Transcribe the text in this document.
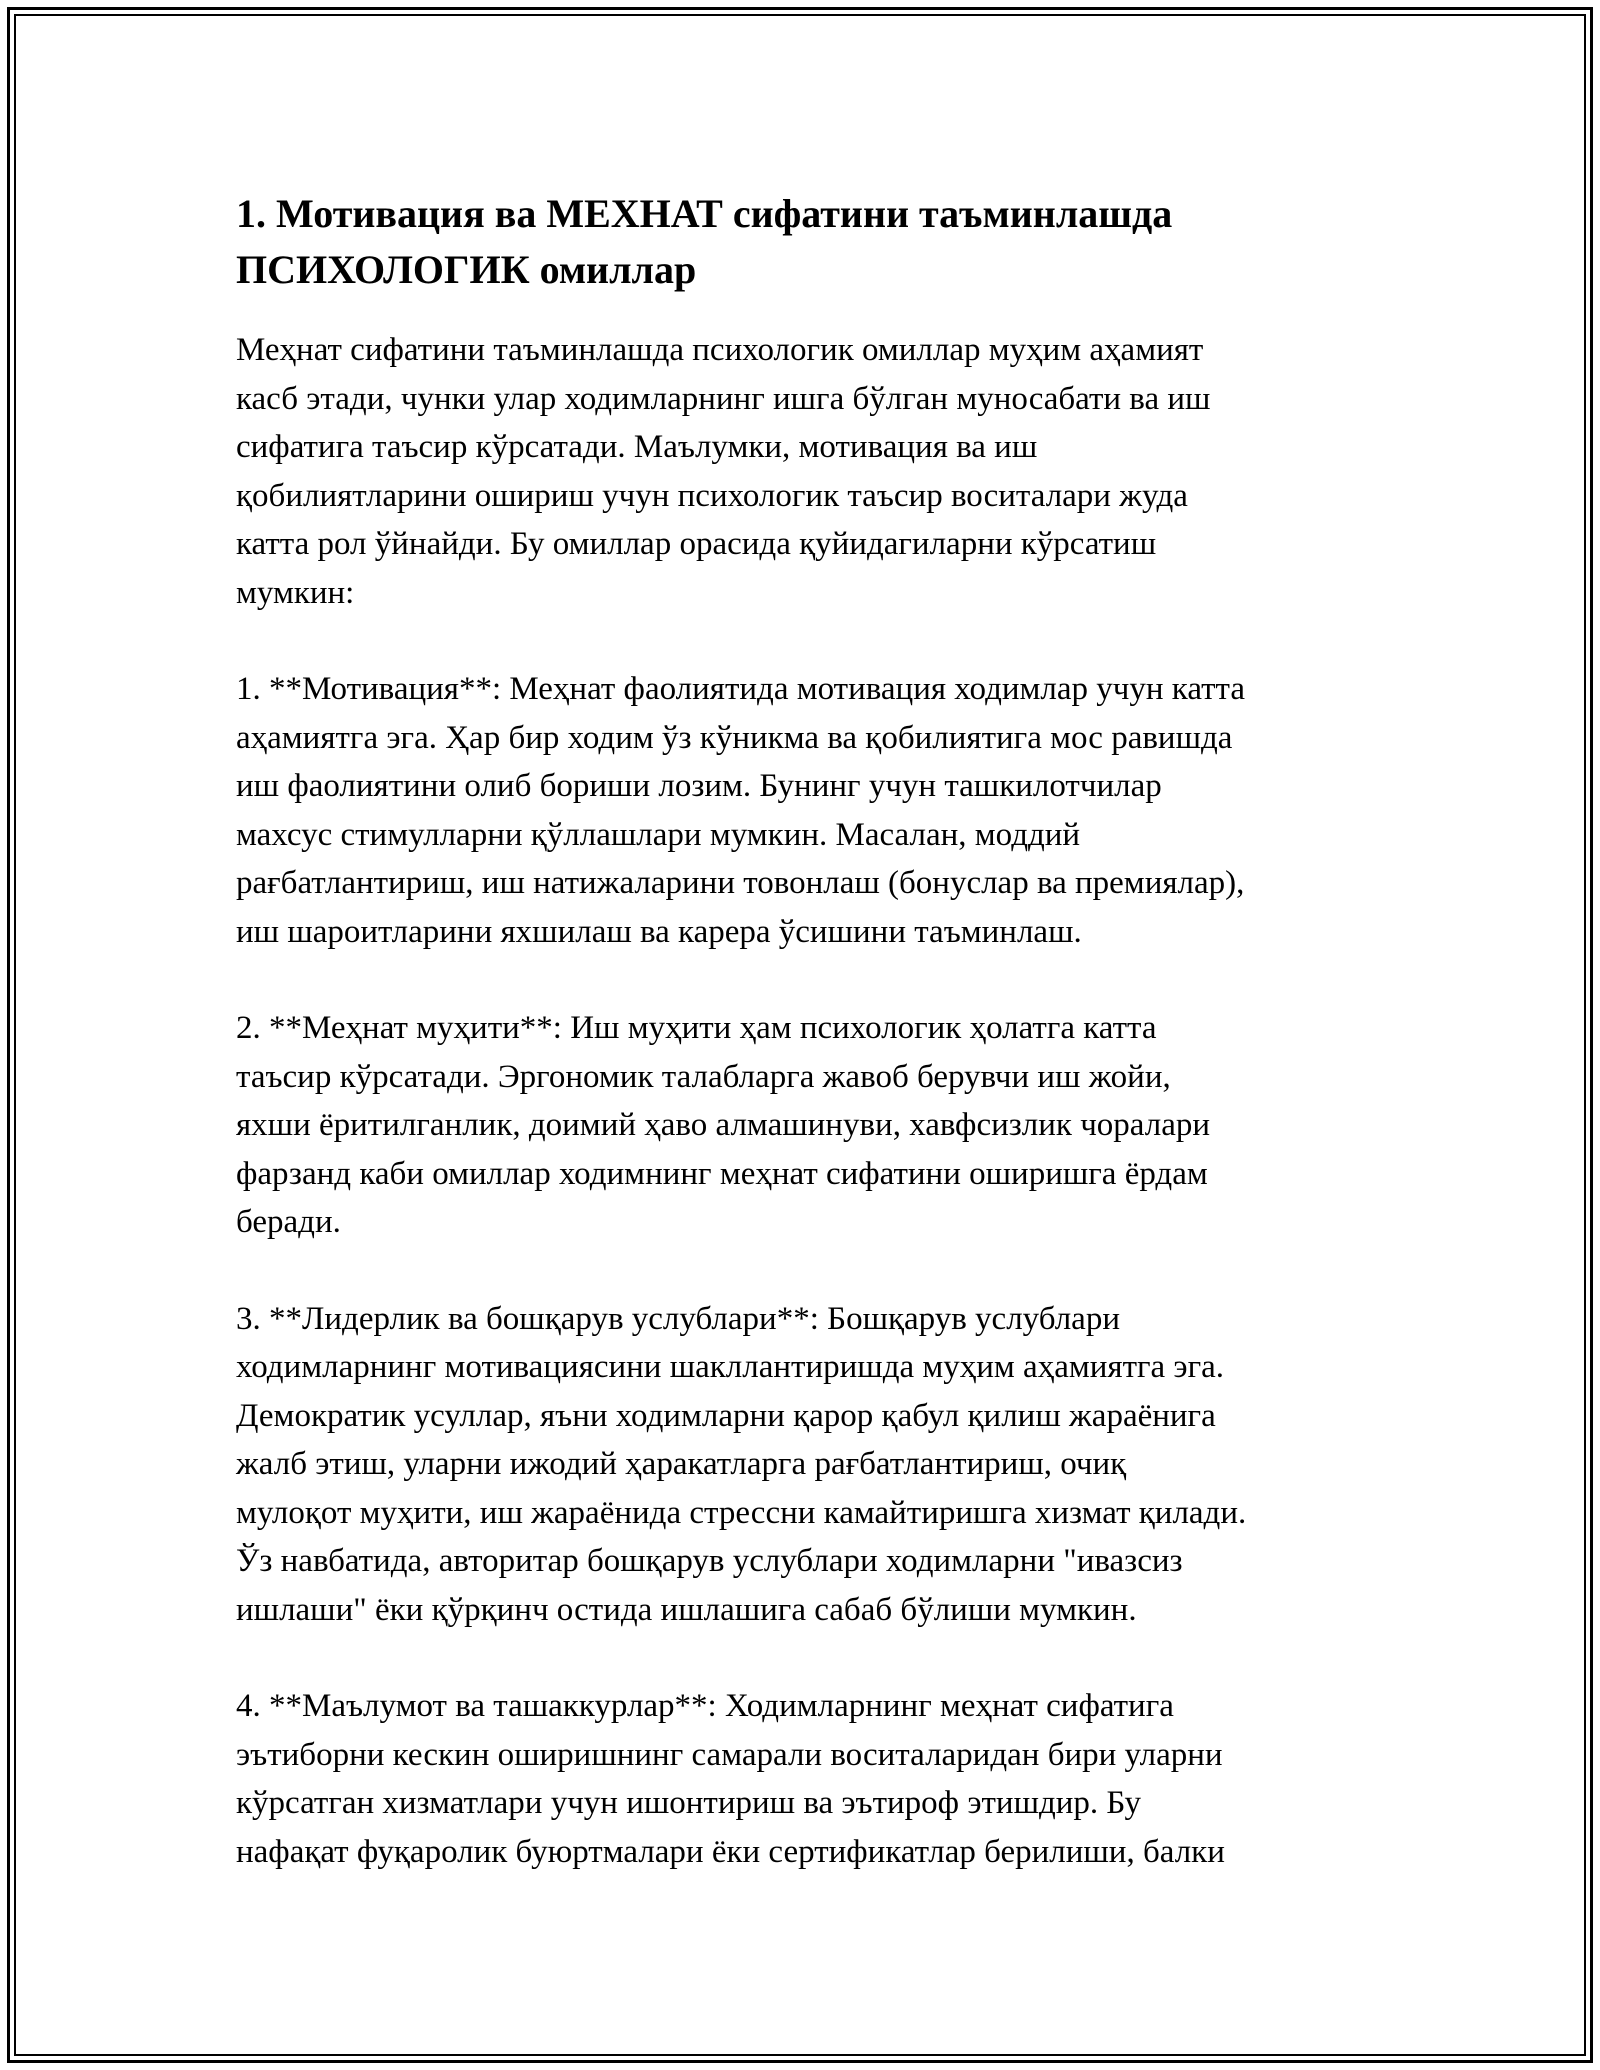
1. Мотивация ва МЕХНАТ сифатини таъминлашда
ПСИХОЛОГИК омиллар

Меҳнат сифатини таъминлашда психологик омиллар муҳим аҳамият
касб этади, чунки улар ходимларнинг ишга бўлган муносабати ва иш
сифатига таъсир кўрсатади. Маълумки, мотивация ва иш
қобилиятларини ошириш учун психологик таъсир воситалари жуда
катта рол ўйнайди. Бу омиллар орасида қуйидагиларни кўрсатиш
мумкин:

1. **Мотивация**: Меҳнат фаолиятида мотивация ходимлар учун катта
аҳамиятга эга. Ҳар бир ходим ўз кўникма ва қобилиятига мос равишда
иш фаолиятини олиб бориши лозим. Бунинг учун ташкилотчилар
махсус стимулларни қўллашлари мумкин. Масалан, моддий
рағбатлантириш, иш натижаларини товонлаш (бонуслар ва премиялар),
иш шароитларини яхшилаш ва карера ўсишини таъминлаш.

2. **Меҳнат муҳити**: Иш муҳити ҳам психологик ҳолатга катта
таъсир кўрсатади. Эргономик талабларга жавоб берувчи иш жойи,
яхши ёритилганлик, доимий ҳаво алмашинуви, хавфсизлик чоралари
фарзанд каби омиллар ходимнинг меҳнат сифатини оширишга ёрдам
беради.

3. **Лидерлик ва бошқарув услублари**: Бошқарув услублари
ходимларнинг мотивациясини шакллантиришда муҳим аҳамиятга эга.
Демократик усуллар, яъни ходимларни қарор қабул қилиш жараёнига
жалб этиш, уларни ижодий ҳаракатларга рағбатлантириш, очиқ
мулоқот муҳити, иш жараёнида стрессни камайтиришга хизмат қилади.
Ўз навбатида, авторитар бошқарув услублари ходимларни "ивазсиз
ишлаши" ёки қўрқинч остида ишлашига сабаб бўлиши мумкин.

4. **Маълумот ва ташаккурлар**: Ходимларнинг меҳнат сифатига
эътиборни кескин оширишнинг самарали воситаларидан бири уларни
кўрсатган хизматлари учун ишонтириш ва эътироф этишдир. Бу
нафақат фуқаролик буюртмалари ёки сертификатлар берилиши, балки
